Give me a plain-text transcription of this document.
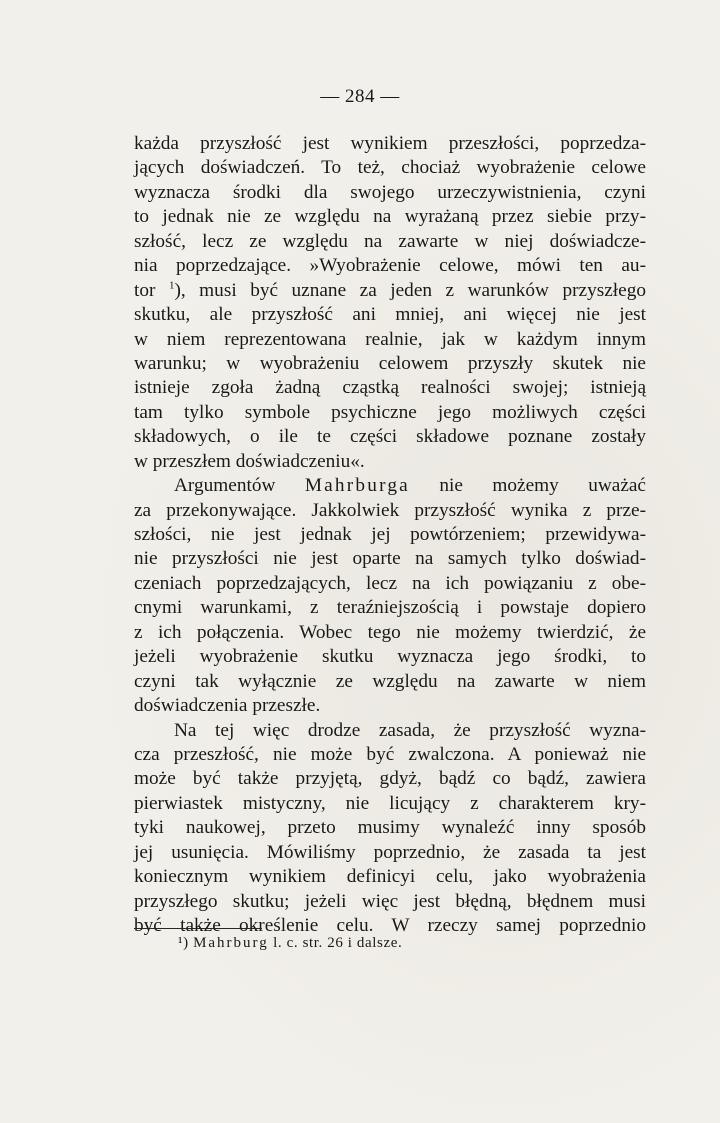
— 284 —
każda przyszłość jest wynikiem przeszłości, poprzedza-
jących doświadczeń. To też, chociaż wyobrażenie celowe
wyznacza środki dla swojego urzeczywistnienia, czyni
to jednak nie ze względu na wyrażaną przez siebie przy-
szłość, lecz ze względu na zawarte w niej doświadcze-
nia poprzedzające. »Wyobrażenie celowe, mówi ten au-
tor $^1$), musi być uznane za jeden z warunków przyszłego
skutku, ale przyszłość ani mniej, ani więcej nie jest
w niem reprezentowana realnie, jak w każdym innym
warunku; w wyobrażeniu celowem przyszły skutek nie
istnieje zgoła żadną cząstką realności swojej; istnieją
tam tylko symbole psychiczne jego możliwych części
składowych, o ile te części składowe poznane zostały
w przeszłem doświadczeniu«.
Argumentów Mahrburga nie możemy uważać
za przekonywające. Jakkolwiek przyszłość wynika z prze-
szłości, nie jest jednak jej powtórzeniem; przewidywa-
nie przyszłości nie jest oparte na samych tylko doświad-
czeniach poprzedzających, lecz na ich powiązaniu z obe-
cnymi warunkami, z teraźniejszością i powstaje dopiero
z ich połączenia. Wobec tego nie możemy twierdzić, że
jeżeli wyobrażenie skutku wyznacza jego środki, to
czyni tak wyłącznie ze względu na zawarte w niem
doświadczenia przeszłe.
Na tej więc drodze zasada, że przyszłość wyzna-
cza przeszłość, nie może być zwalczona. A ponieważ nie
może być także przyjętą, gdyż, bądź co bądź, zawiera
pierwiastek mistyczny, nie licujący z charakterem kry-
tyki naukowej, przeto musimy wynaleźć inny sposób
jej usunięcia. Mówiliśmy poprzednio, że zasada ta jest
koniecznym wynikiem definicyi celu, jako wyobrażenia
przyszłego skutku; jeżeli więc jest błędną, błędnem musi
być także określenie celu. W rzeczy samej poprzednio
¹) Mahrburg l. c. str. 26 i dalsze.
